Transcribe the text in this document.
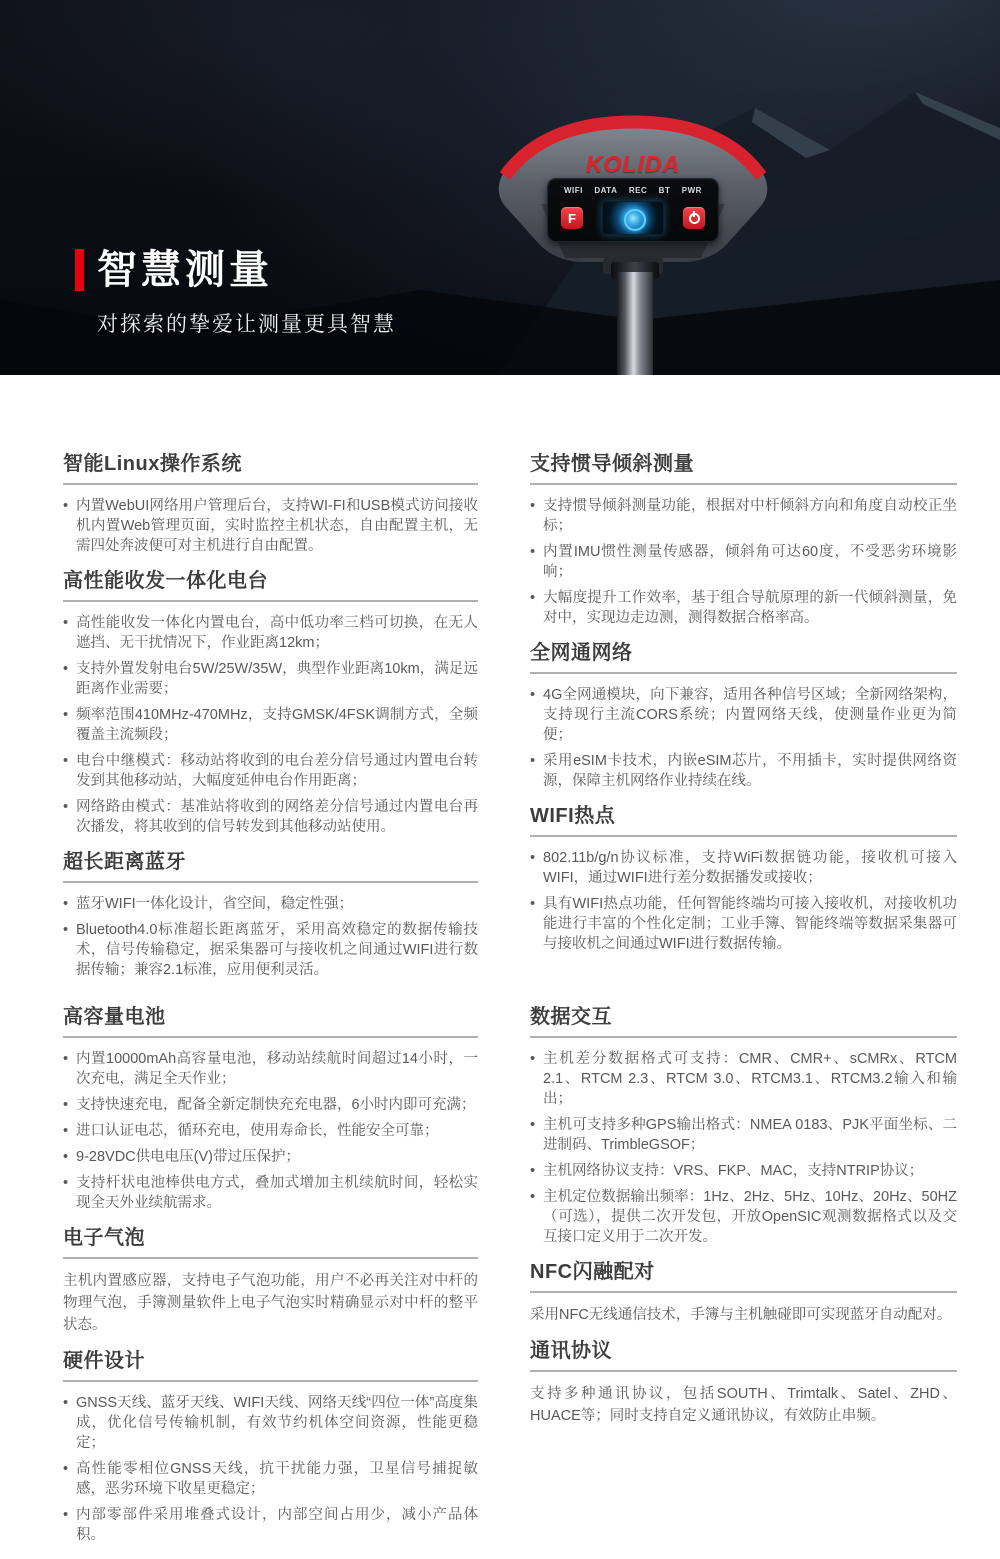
KOLIDA
WIFI DATA REC BT PWR
F
智慧测量
对探索的挚爱让测量更具智慧
智能Linux操作系统
• 内置WebUI网络用户管理后台，支持WI-FI和USB模式访问接收机内置Web管理页面，实时监控主机状态，自由配置主机，无需四处奔波便可对主机进行自由配置。
高性能收发一体化电台
• 高性能收发一体化内置电台，高中低功率三档可切换，在无人遮挡、无干扰情况下，作业距离12km；
• 支持外置发射电台5W/25W/35W，典型作业距离10km，满足远距离作业需要；
• 频率范围410MHz-470MHz，支持GMSK/4FSK调制方式，全频覆盖主流频段；
• 电台中继模式：移动站将收到的电台差分信号通过内置电台转发到其他移动站，大幅度延伸电台作用距离；
• 网络路由模式：基准站将收到的网络差分信号通过内置电台再次播发，将其收到的信号转发到其他移动站使用。
超长距离蓝牙
• 蓝牙WIFI一体化设计，省空间，稳定性强；
• Bluetooth4.0标准超长距离蓝牙，采用高效稳定的数据传输技术，信号传输稳定，据采集器可与接收机之间通过WIFI进行数据传输；兼容2.1标准，应用便利灵活。
支持惯导倾斜测量
• 支持惯导倾斜测量功能，根据对中杆倾斜方向和角度自动校正坐标；
• 内置IMU惯性测量传感器，倾斜角可达60度，不受恶劣环境影响；
• 大幅度提升工作效率，基于组合导航原理的新一代倾斜测量，免对中，实现边走边测，测得数据合格率高。
全网通网络
• 4G全网通模块，向下兼容，适用各种信号区域；全新网络架构，支持现行主流CORS系统；内置网络天线，使测量作业更为简便；
• 采用eSIM卡技术，内嵌eSIM芯片，不用插卡，实时提供网络资源，保障主机网络作业持续在线。
WIFI热点
• 802.11b/g/n协议标准，支持WiFi数据链功能，接收机可接入WIFI，通过WIFI进行差分数据播发或接收；
• 具有WIFI热点功能，任何智能终端均可接入接收机，对接收机功能进行丰富的个性化定制；工业手簿、智能终端等数据采集器可与接收机之间通过WIFI进行数据传输。
高容量电池
• 内置10000mAh高容量电池，移动站续航时间超过14小时，一次充电，满足全天作业；
• 支持快速充电，配备全新定制快充充电器，6小时内即可充满；
• 进口认证电芯，循环充电，使用寿命长，性能安全可靠；
• 9-28VDC供电电压(V)带过压保护；
• 支持杆状电池棒供电方式，叠加式增加主机续航时间，轻松实现全天外业续航需求。
电子气泡

主机内置感应器，支持电子气泡功能，用户不必再关注对中杆的物理气泡，手簿测量软件上电子气泡实时精确显示对中杆的整平状态。

硬件设计
• GNSS天线、蓝牙天线、WIFI天线、网络天线“四位一体”高度集成，优化信号传输机制，有效节约机体空间资源，性能更稳定；
• 高性能零相位GNSS天线，抗干扰能力强，卫星信号捕捉敏感，恶劣环境下收星更稳定；
• 内部零部件采用堆叠式设计，内部空间占用少，减小产品体积。
数据交互
• 主机差分数据格式可支持：CMR、CMR+、sCMRx、RTCM 2.1、RTCM 2.3、RTCM 3.0、RTCM3.1、RTCM3.2输入和输出；
• 主机可支持多种GPS输出格式：NMEA 0183、PJK平面坐标、二进制码、TrimbleGSOF；
• 主机网络协议支持：VRS、FKP、MAC，支持NTRIP协议；
• 主机定位数据输出频率：1Hz、2Hz、5Hz、10Hz、20Hz、50HZ（可选），提供二次开发包，开放OpenSIC观测数据格式以及交互接口定义用于二次开发。
NFC闪融配对

采用NFC无线通信技术，手簿与主机触碰即可实现蓝牙自动配对。

通讯协议

支持多种通讯协议，包括SOUTH、Trimtalk、Satel、ZHD、HUACE等；同时支持自定义通讯协议，有效防止串频。
